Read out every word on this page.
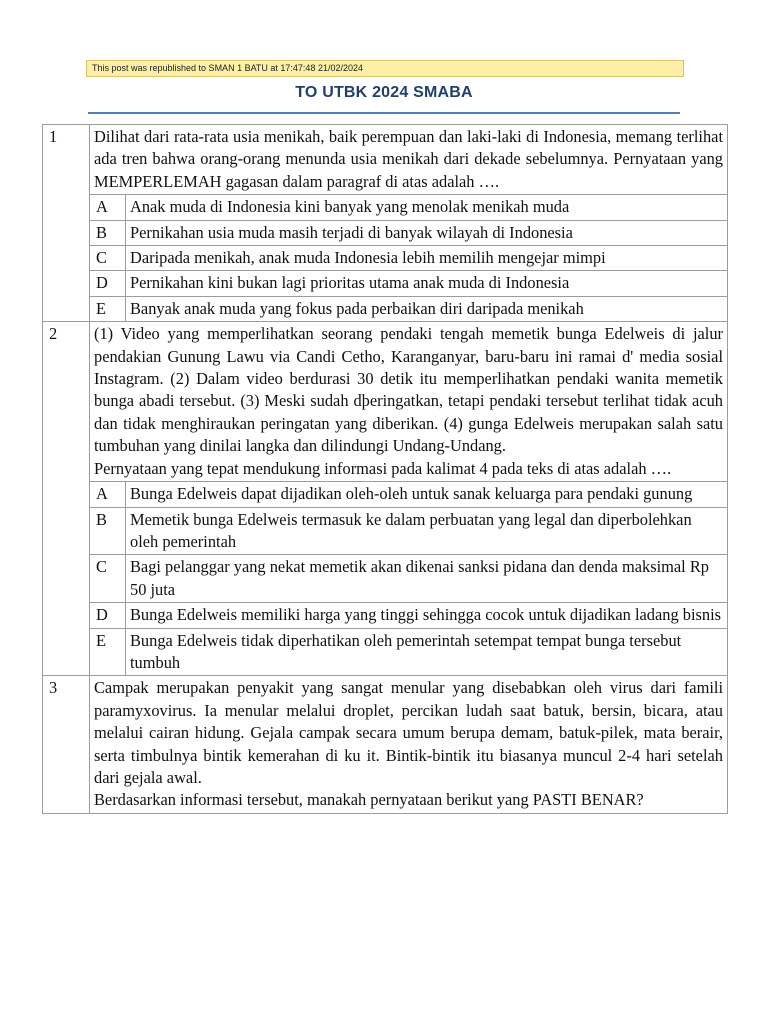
This post was republished to SMAN 1 BATU at 17:47:48 21/02/2024
TO UTBK 2024 SMABA
1	Dilihat dari rata-rata usia menikah, baik perempuan dan laki-laki di Indonesia, memang terlihat ada tren bahwa orang-orang menunda usia menikah dari dekade sebelumnya. Pernyataan yang MEMPERLEMAH gagasan dalam paragraf di atas adalah ….	
	A	Anak muda di Indonesia kini banyak yang menolak menikah muda
	B	Pernikahan usia muda masih terjadi di banyak wilayah di Indonesia
	C	Daripada menikah, anak muda Indonesia lebih memilih mengejar mimpi
	D	Pernikahan kini bukan lagi prioritas utama anak muda di Indonesia
	E	Banyak anak muda yang fokus pada perbaikan diri daripada menikah
2	(1) Video yang memperlihatkan seorang pendaki tengah memetik bunga Edelweis di jalur pendakian Gunung Lawu via Candi Cetho, Karanganyar, baru-baru ini ramai d' media sosial Instagram. (2) Dalam video berdurasi 30 detik itu memperlihatkan pendaki wanita memetik bunga abadi tersebut. (3) Meski sudah dþeringatkan, tetapi pendaki tersebut terlihat tidak acuh dan tidak menghiraukan peringatan yang diberikan. (4) gunga Edelweis merupakan salah satu tumbuhan yang dinilai langka dan dilindungi Undang-Undang.
Pernyataan yang tepat mendukung informasi pada kalimat 4 pada teks di atas adalah ….	

	A	Bunga Edelweis dapat dijadikan oleh-oleh untuk sanak keluarga para pendaki gunung
	B	Memetik bunga Edelweis termasuk ke dalam perbuatan yang legal dan diperbolehkan oleh pemerintah
	C	Bagi pelanggar yang nekat memetik akan dikenai sanksi pidana dan denda maksimal Rp 50 juta
	D	Bunga Edelweis memiliki harga yang tinggi sehingga cocok untuk dijadikan ladang bisnis
	E	Bunga Edelweis tidak diperhatikan oleh pemerintah setempat tempat bunga tersebut tumbuh
3	Campak merupakan penyakit yang sangat menular yang disebabkan oleh virus dari famili paramyxovirus. Ia menular melalui droplet, percikan ludah saat batuk, bersin, bicara, atau melalui cairan hidung. Gejala campak secara umum berupa demam, batuk-pilek, mata berair, serta timbulnya bintik kemerahan di ku it. Bintik-bintik itu biasanya muncul 2-4 hari setelah dari gejala awal.
Berdasarkan informasi tersebut, manakah pernyataan berikut yang PASTI BENAR?	
